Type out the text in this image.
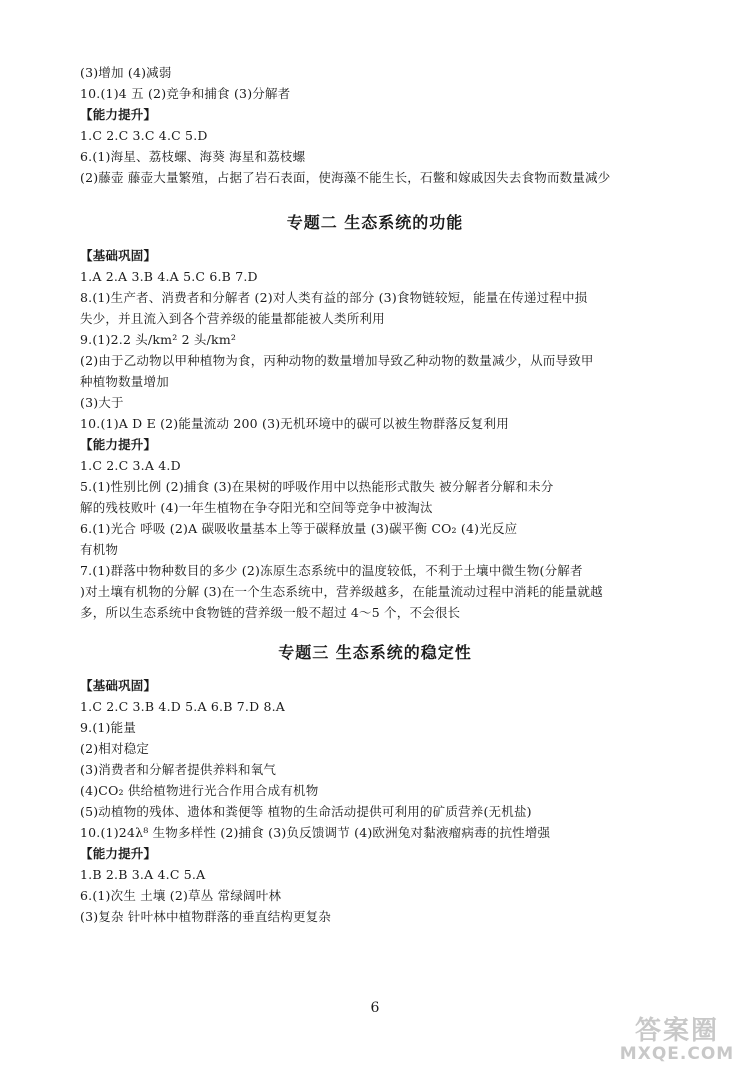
(3)增加 (4)减弱
10.(1)4 五 (2)竞争和捕食 (3)分解者
【能力提升】
1.C 2.C 3.C 4.C 5.D
6.(1)海星、荔枝螺、海葵 海星和荔枝螺
(2)藤壶 藤壶大量繁殖，占据了岩石表面，使海藻不能生长，石鳖和嫁戚因失去食物而数量减少
专题二 生态系统的功能
【基础巩固】
1.A 2.A 3.B 4.A 5.C 6.B 7.D
8.(1)生产者、消费者和分解者 (2)对人类有益的部分 (3)食物链较短，能量在传递过程中损
失少，并且流入到各个营养级的能量都能被人类所利用
9.(1)2.2 头/km² 2 头/km²
(2)由于乙动物以甲种植物为食，丙种动物的数量增加导致乙种动物的数量减少，从而导致甲
种植物数量增加
(3)大于
10.(1)A D E (2)能量流动 200 (3)无机环境中的碳可以被生物群落反复利用
【能力提升】
1.C 2.C 3.A 4.D
5.(1)性别比例 (2)捕食 (3)在果树的呼吸作用中以热能形式散失 被分解者分解和未分
解的残枝败叶 (4)一年生植物在争夺阳光和空间等竞争中被淘汰
6.(1)光合 呼吸 (2)A 碳吸收量基本上等于碳释放量 (3)碳平衡 CO₂ (4)光反应
有机物
7.(1)群落中物种数目的多少 (2)冻原生态系统中的温度较低，不利于土壤中微生物(分解者
)对土壤有机物的分解 (3)在一个生态系统中，营养级越多，在能量流动过程中消耗的能量就越
多，所以生态系统中食物链的营养级一般不超过 4～5 个，不会很长
专题三 生态系统的稳定性
【基础巩固】
1.C 2.C 3.B 4.D 5.A 6.B 7.D 8.A
9.(1)能量
(2)相对稳定
(3)消费者和分解者提供养料和氧气
(4)CO₂ 供给植物进行光合作用合成有机物
(5)动植物的残体、遗体和粪便等 植物的生命活动提供可利用的矿质营养(无机盐)
10.(1)24λ⁸ 生物多样性 (2)捕食 (3)负反馈调节 (4)欧洲兔对黏液瘤病毒的抗性增强
【能力提升】
1.B 2.B 3.A 4.C 5.A
6.(1)次生 土壤 (2)草丛 常绿阔叶林
(3)复杂 针叶林中植物群落的垂直结构更复杂
6
答案圈
MXQE.COM
